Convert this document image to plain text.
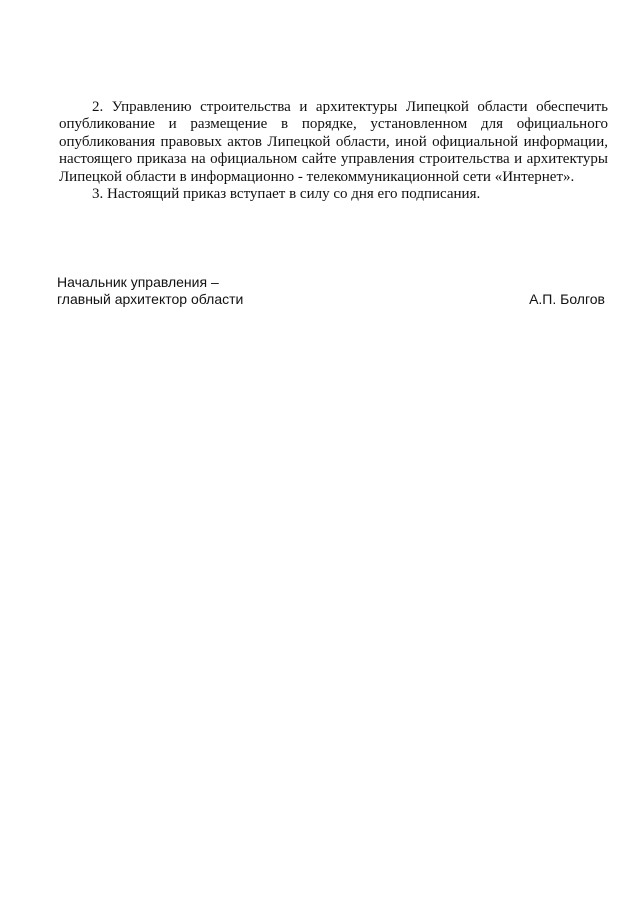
2. Управлению строительства и архитектуры Липецкой области обеспечить опубликование и размещение в порядке, установленном для официального опубликования правовых актов Липецкой области, иной официальной информации, настоящего приказа на официальном сайте управления строительства и архитектуры Липецкой области в информационно - телекоммуникационной сети «Интернет».

3. Настоящий приказ вступает в силу со дня его подписания.

Начальник управления –
главный архитектор области	А.П. Болгов
